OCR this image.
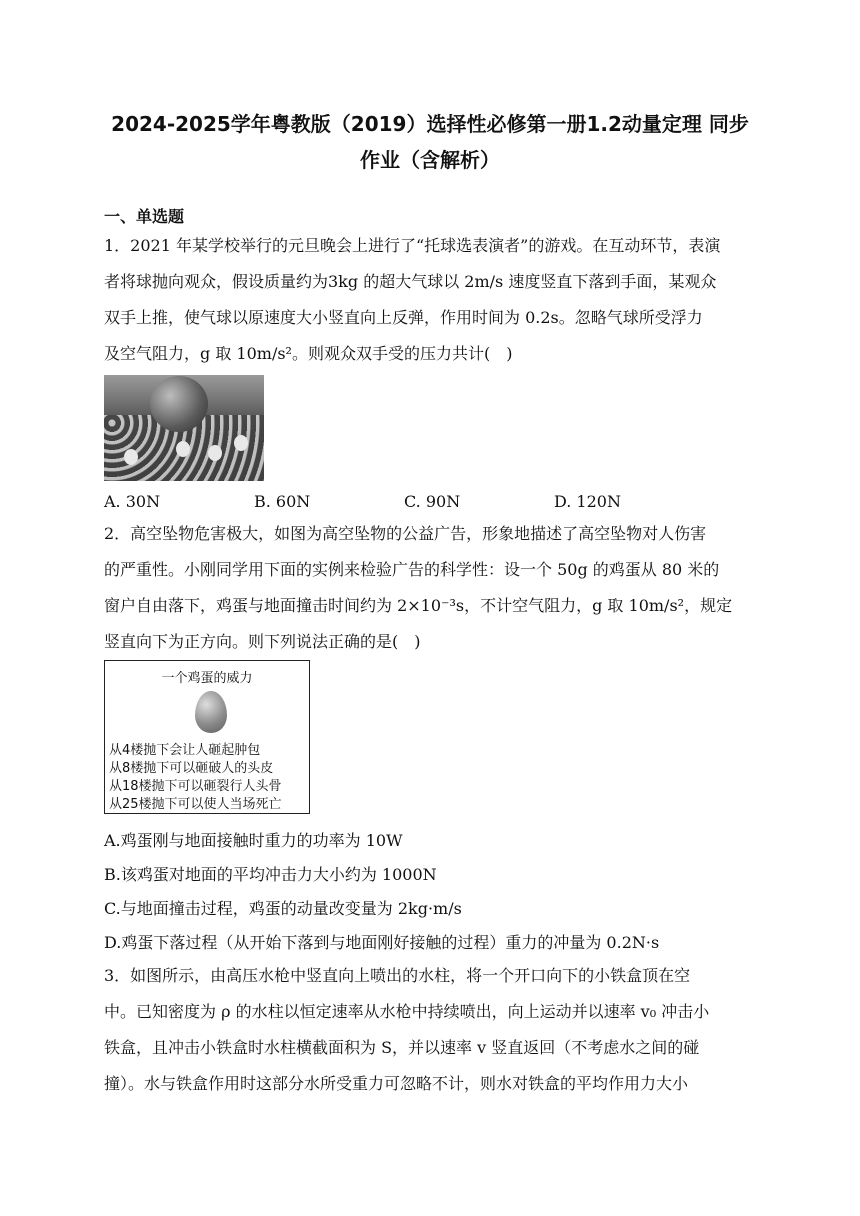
2024-2025学年粤教版（2019）选择性必修第一册1.2动量定理 同步
作业（含解析）
一、单选题
1．2021 年某学校举行的元旦晚会上进行了“托球选表演者”的游戏。在互动环节，表演
者将球抛向观众，假设质量约为3kg 的超大气球以 2m/s 速度竖直下落到手面，某观众
双手上推，使气球以原速度大小竖直向上反弹，作用时间为 0.2s。忽略气球所受浮力
及空气阻力，g 取 10m/s²。则观众双手受的压力共计(　)
A. 30N	B. 60N	C. 90N	D. 120N
2．高空坠物危害极大，如图为高空坠物的公益广告，形象地描述了高空坠物对人伤害
的严重性。小刚同学用下面的实例来检验广告的科学性：设一个 50g 的鸡蛋从 80 米的
窗户自由落下，鸡蛋与地面撞击时间约为 2×10⁻³s，不计空气阻力，g 取 10m/s²，规定
竖直向下为正方向。则下列说法正确的是(　)
一个鸡蛋的威力
从4楼抛下会让人砸起肿包
从8楼抛下可以砸破人的头皮
从18楼抛下可以砸裂行人头骨
从25楼抛下可以使人当场死亡
A.鸡蛋刚与地面接触时重力的功率为 10W
B.该鸡蛋对地面的平均冲击力大小约为 1000N
C.与地面撞击过程，鸡蛋的动量改变量为 2kg·m/s
D.鸡蛋下落过程（从开始下落到与地面刚好接触的过程）重力的冲量为 0.2N·s
3．如图所示，由高压水枪中竖直向上喷出的水柱，将一个开口向下的小铁盒顶在空
中。已知密度为 ρ 的水柱以恒定速率从水枪中持续喷出，向上运动并以速率 v₀ 冲击小
铁盒，且冲击小铁盒时水柱横截面积为 S，并以速率 v 竖直返回（不考虑水之间的碰
撞）。水与铁盒作用时这部分水所受重力可忽略不计，则水对铁盒的平均作用力大小
